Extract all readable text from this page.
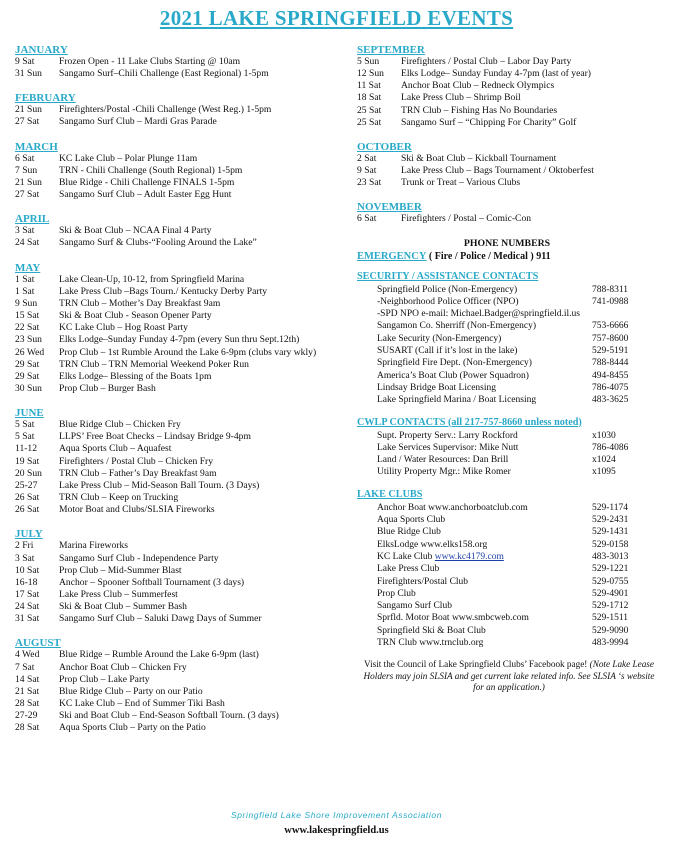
2021 LAKE SPRINGFIELD EVENTS
JANUARY
9 Sat	Frozen Open - 11 Lake Clubs Starting @ 10am
31 Sun	Sangamo Surf–Chili Challenge (East Regional) 1-5pm
FEBRUARY
21 Sun	Firefighters/Postal -Chili Challenge (West Reg.) 1-5pm
27 Sat	Sangamo Surf Club – Mardi Gras Parade
MARCH
6 Sat	KC Lake Club – Polar Plunge 11am
7 Sun	TRN - Chili Challenge (South Regional) 1-5pm
21 Sun	Blue Ridge - Chili Challenge FINALS 1-5pm
27 Sat	Sangamo Surf Club – Adult Easter Egg Hunt
APRIL
3 Sat	Ski & Boat Club – NCAA Final 4 Party
24 Sat	Sangamo Surf & Clubs-“Fooling Around the Lake”
MAY
1 Sat	Lake Clean-Up, 10-12, from Springfield Marina
1 Sat	Lake Press Club –Bags Tourn./ Kentucky Derby Party
9 Sun	TRN Club – Mother’s Day Breakfast 9am
15 Sat	Ski & Boat Club - Season Opener Party
22 Sat	KC Lake Club – Hog Roast Party
23 Sun	Elks Lodge–Sunday Funday 4-7pm (every Sun thru Sept.12th)
26 Wed	Prop Club – 1st Rumble Around the Lake 6-9pm (clubs vary wkly)
29 Sat	TRN Club – TRN Memorial Weekend Poker Run
29 Sat	Elks Lodge– Blessing of the Boats 1pm
30 Sun	Prop Club – Burger Bash
JUNE
5 Sat	Blue Ridge Club – Chicken Fry
5 Sat	LLPS’ Free Boat Checks – Lindsay Bridge 9-4pm
11-12	Aqua Sports Club – Aquafest
19 Sat	Firefighters / Postal Club – Chicken Fry
20 Sun	TRN Club – Father’s Day Breakfast 9am
25-27	Lake Press Club – Mid-Season Ball Tourn. (3 Days)
26 Sat	TRN Club – Keep on Trucking
26 Sat	Motor Boat and Clubs/SLSIA Fireworks
JULY
2 Fri	Marina Fireworks
3 Sat	Sangamo Surf Club - Independence Party
10 Sat	Prop Club – Mid-Summer Blast
16-18	Anchor – Spooner Softball Tournament (3 days)
17 Sat	Lake Press Club – Summerfest
24 Sat	Ski & Boat Club – Summer Bash
31 Sat	Sangamo Surf Club – Saluki Dawg Days of Summer
AUGUST
4 Wed	Blue Ridge – Rumble Around the Lake 6-9pm (last)
7 Sat	Anchor Boat Club – Chicken Fry
14 Sat	Prop Club – Lake Party
21 Sat	Blue Ridge Club – Party on our Patio
28 Sat	KC Lake Club – End of Summer Tiki Bash
27-29	Ski and Boat Club – End-Season Softball Tourn. (3 days)
28 Sat	Aqua Sports Club – Party on the Patio
SEPTEMBER
5 Sun	Firefighters / Postal Club – Labor Day Party
12 Sun	Elks Lodge– Sunday Funday 4-7pm (last of year)
11 Sat	Anchor Boat Club – Redneck Olympics
18 Sat	Lake Press Club – Shrimp Boil
25 Sat	TRN Club – Fishing Has No Boundaries
25 Sat	Sangamo Surf – “Chipping For Charity” Golf
OCTOBER
2 Sat	Ski & Boat Club – Kickball Tournament
9 Sat	Lake Press Club – Bags Tournament / Oktoberfest
23 Sat	Trunk or Treat – Various Clubs
NOVEMBER
6 Sat	Firefighters / Postal – Comic-Con
PHONE NUMBERS
EMERGENCY ( Fire / Police / Medical ) 911
SECURITY / ASSISTANCE CONTACTS
Springfield Police (Non-Emergency)	788-8311
-Neighborhood Police Officer (NPO)	741-0988
-SPD NPO e-mail: Michael.Badger@springfield.il.us
Sangamon Co. Sherriff (Non-Emergency)	753-6666
Lake Security (Non-Emergency)	757-8600
SUSART (Call if it’s lost in the lake)	529-5191
Springfield Fire Dept. (Non-Emergency)	788-8444
America’s Boat Club (Power Squadron)	494-8455
Lindsay Bridge Boat Licensing	786-4075
Lake Springfield Marina / Boat Licensing	483-3625
CWLP CONTACTS (all 217-757-8660 unless noted)
Supt. Property Serv.: Larry Rockford	x1030
Lake Services Supervisor: Mike Nutt	786-4086
Land / Water Resources: Dan Brill	x1024
Utility Property Mgr.: Mike Romer	x1095
LAKE CLUBS
Anchor Boat www.anchorboatclub.com	529-1174
Aqua Sports Club	529-2431
Blue Ridge Club	529-1431
ElksLodge www.elks158.org	529-0158
KC Lake Club www.kc4179.com	483-3013
Lake Press Club	529-1221
Firefighters/Postal Club	529-0755
Prop Club	529-4901
Sangamo Surf Club	529-1712
Sprfld. Motor Boat www.smbcweb.com	529-1511
Springfield Ski & Boat Club	529-9090
TRN Club www.trnclub.org	483-9994
Visit the Council of Lake Springfield Clubs’ Facebook page! (Note Lake Lease Holders may join SLSIA and get current lake related info. See SLSIA ‘s website for an application.)
Springfield Lake Shore Improvement Association
www.lakespringfield.us
